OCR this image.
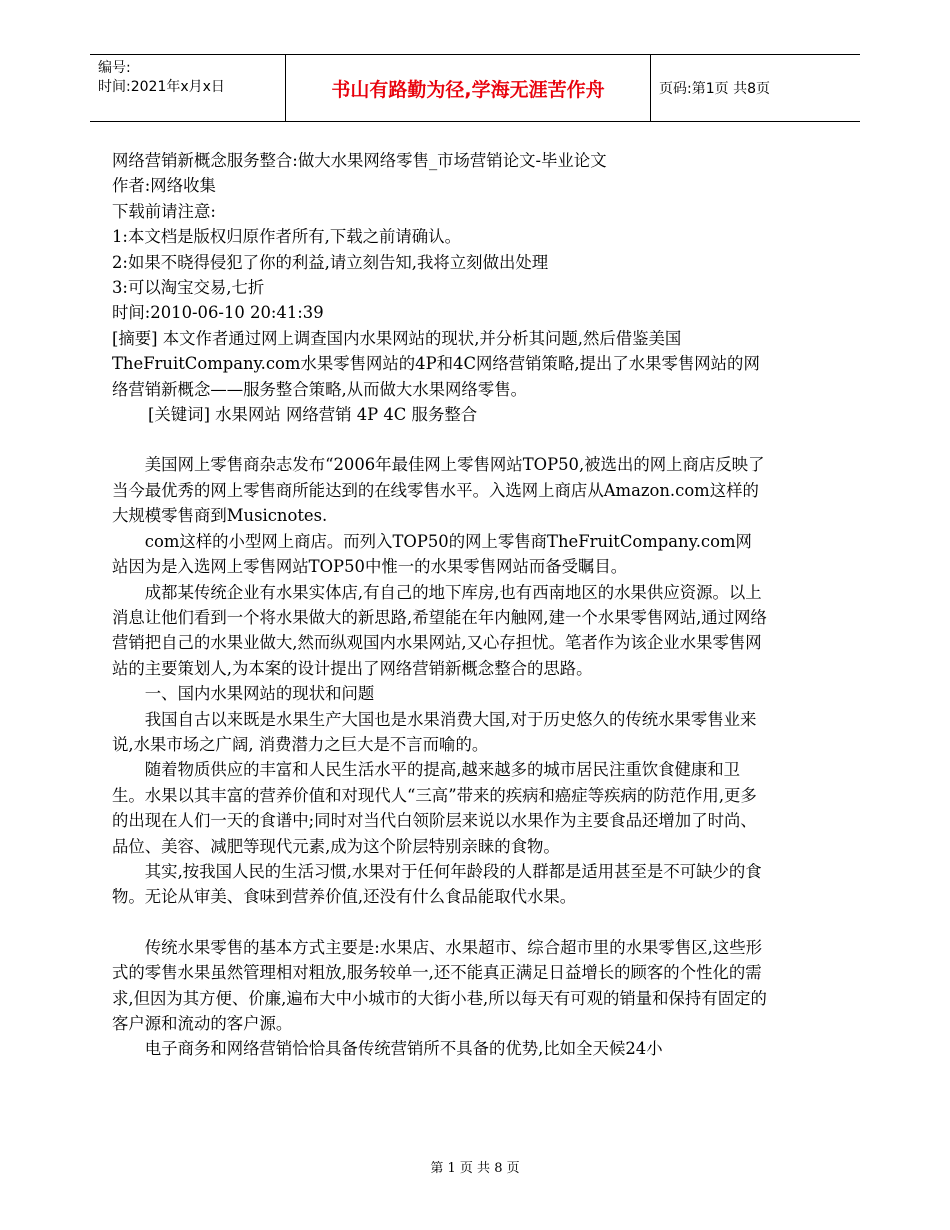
编号:
时间:2021年x月x日	书山有路勤为径,学海无涯苦作舟	页码:第1页 共8页

网络营销新概念服务整合:做大水果网络零售_市场营销论文-毕业论文

作者:网络收集

下载前请注意:

1:本文档是版权归原作者所有,下载之前请确认。

2:如果不晓得侵犯了你的利益,请立刻告知,我将立刻做出处理

3:可以淘宝交易,七折

时间:2010-06-10 20:41:39

[摘要] 本文作者通过网上调查国内水果网站的现状,并分析其问题,然后借鉴美国TheFruitCompany.com水果零售网站的4P和4C网络营销策略,提出了水果零售网站的网络营销新概念——服务整合策略,从而做大水果网络零售。

[关键词] 水果网站 网络营销 4P 4C 服务整合

美国网上零售商杂志发布“2006年最佳网上零售网站TOP50,被选出的网上商店反映了当今最优秀的网上零售商所能达到的在线零售水平。入选网上商店从Amazon.com这样的大规模零售商到Musicnotes.

com这样的小型网上商店。而列入TOP50的网上零售商TheFruitCompany.com网站因为是入选网上零售网站TOP50中惟一的水果零售网站而备受瞩目。

成都某传统企业有水果实体店,有自己的地下库房,也有西南地区的水果供应资源。以上消息让他们看到一个将水果做大的新思路,希望能在年内触网,建一个水果零售网站,通过网络营销把自己的水果业做大,然而纵观国内水果网站,又心存担忧。笔者作为该企业水果零售网站的主要策划人,为本案的设计提出了网络营销新概念整合的思路。

一、国内水果网站的现状和问题

我国自古以来既是水果生产大国也是水果消费大国,对于历史悠久的传统水果零售业来说,水果市场之广阔, 消费潜力之巨大是不言而喻的。

随着物质供应的丰富和人民生活水平的提高,越来越多的城市居民注重饮食健康和卫生。水果以其丰富的营养价值和对现代人“三高”带来的疾病和癌症等疾病的防范作用,更多的出现在人们一天的食谱中;同时对当代白领阶层来说以水果作为主要食品还增加了时尚、品位、美容、减肥等现代元素,成为这个阶层特别亲睐的食物。

其实,按我国人民的生活习惯,水果对于任何年龄段的人群都是适用甚至是不可缺少的食物。无论从审美、食味到营养价值,还没有什么食品能取代水果。

传统水果零售的基本方式主要是:水果店、水果超市、综合超市里的水果零售区,这些形式的零售水果虽然管理相对粗放,服务较单一,还不能真正满足日益增长的顾客的个性化的需求,但因为其方便、价廉,遍布大中小城市的大街小巷,所以每天有可观的销量和保持有固定的客户源和流动的客户源。

电子商务和网络营销恰恰具备传统营销所不具备的优势,比如全天候24小

第 1 页 共 8 页
